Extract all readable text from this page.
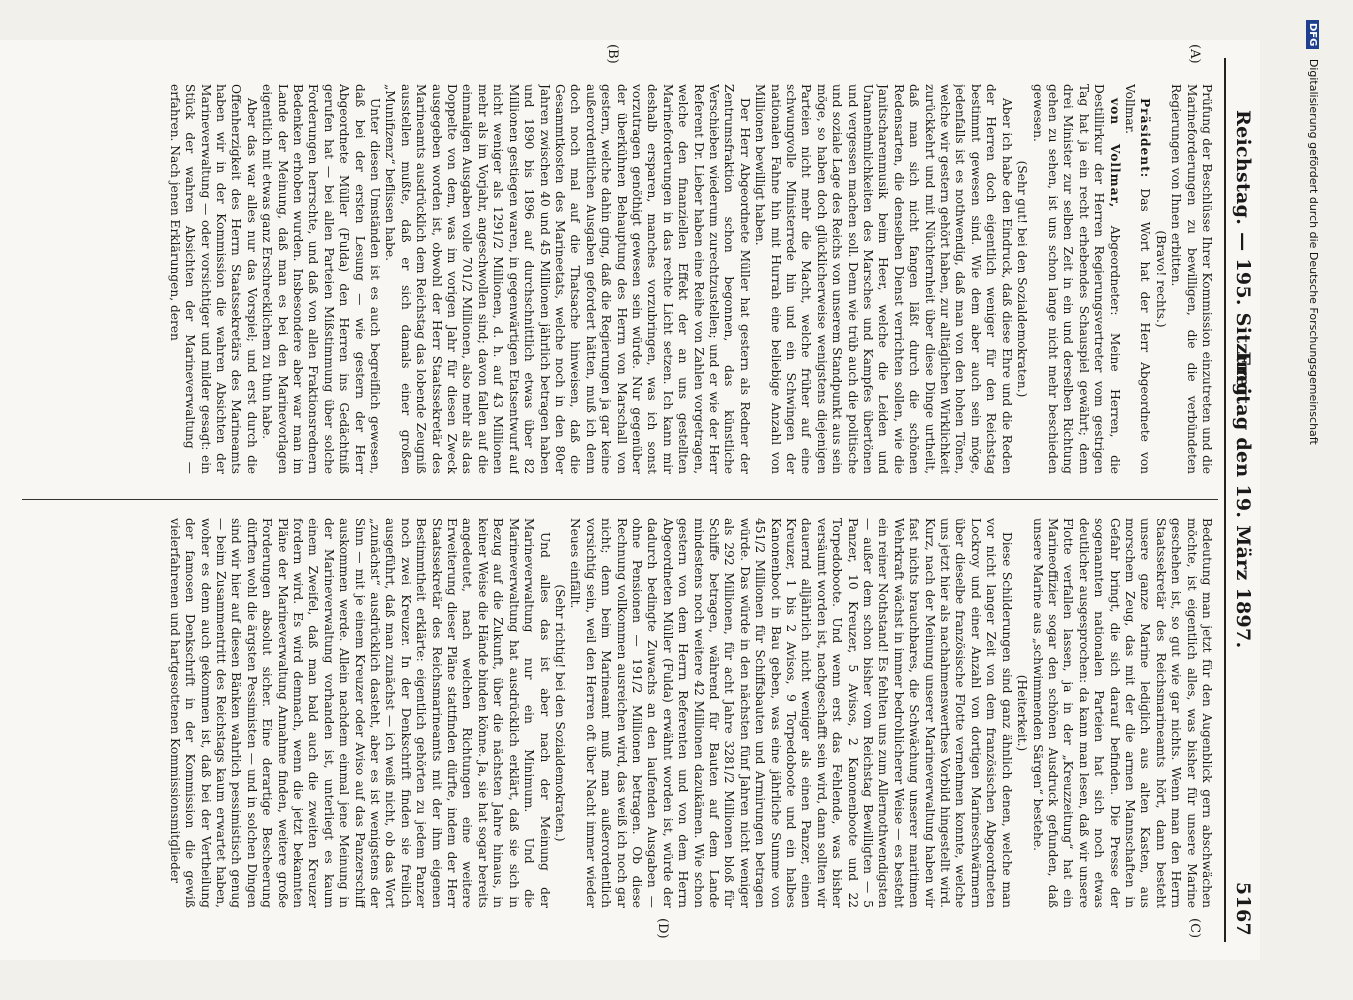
Reichstag. — 195. Sitzung.
Freitag den 19. März 1897.
5167
(A)
(B)
(C)
(D)

Prüfung der Beschlüsse Ihrer Kommission einzutreten und die Marineforderungen zu bewilligen, die die verbündeten Regierungen von Ihnen erbitten.

(Bravo! rechts.)

Präsident: Das Wort hat der Herr Abgeordnete von Vollmar.

von Vollmar, Abgeordneter: Meine Herren, die Destillirkur der Herren Regierungsvertreter vom gestrigen Tag hat ja ein recht erhebendes Schauspiel gewährt; denn drei Minister zur selben Zeit in ein und derselben Richtung gehen zu sehen, ist uns schon lange nicht mehr beschieden gewesen.

(Sehr gut! bei den Sozialdemokraten.)

Aber ich habe den Eindruck, daß diese Ehre und die Reden der Herren doch eigentlich weniger für den Reichstag bestimmt gewesen sind. Wie dem aber auch sein möge, jedenfalls ist es nothwendig, daß man von den hohen Tönen, welche wir gestern gehört haben, zur alltäglichen Wirklichkeit zurückkehrt und mit Nüchternheit über diese Dinge urtheilt, daß man sich nicht fangen läßt durch die schönen Redensarten, die denselben Dienst verrichten sollen, wie die Janitscharenmusik beim Heer, welche die Leiden und Unannehmlichkeiten des Marsches und Kampfes übertönen und vergessen machen soll. Denn wie trüb auch die politische und soziale Lage des Reichs von unserem Standpunkt aus sein möge, so haben doch glücklicherweise wenigstens diejenigen Parteien nicht mehr die Macht, welche früher auf eine schwungvolle Ministerrede hin und ein Schwingen der nationalen Fahne hin mit Hurrah eine beliebige Anzahl von Millionen bewilligt haben.

Der Herr Abgeordnete Müller hat gestern als Redner der Zentrumsfraktion schon begonnen, das künstliche Verschieben wiederum zurechtzustellen; und er wie der Herr Referent Dr. Lieber haben eine Reihe von Zahlen vorgetragen, welche den finanziellen Effekt der an uns gestellten Marineforderungen in das rechte Licht setzen. Ich kann mir deshalb ersparen, manches vorzubringen, was ich sonst vorzutragen genöthigt gewesen sein würde. Nur gegenüber der überkühnen Behauptung des Herrn von Marschall von gestern, welche dahin ging, daß die Regierungen ja gar keine außerordentlichen Ausgaben gefordert hätten, muß ich denn doch noch mal auf die Thatsache hinweisen, daß die Gesammtkosten des Marineetats, welche noch in den 80er Jahren zwischen 40 und 45 Millionen jährlich betragen haben und 1890 bis 1896 auf durchschnittlich etwas über 82 Millionen gestiegen waren, in gegenwärtigen Etatsentwurf auf nicht weniger als 1291/2 Millionen, d. h. auf 43 Millionen mehr als im Vorjahr, angeschwollen sind; davon fallen auf die einmaligen Ausgaben volle 701/2 Millionen, also mehr als das Doppelte von dem, was im vorigen Jahr für diesen Zweck ausgegeben worden ist, obwohl der Herr Staatssekretär des Marineamts ausdrücklich dem Reichstag das lobende Zeugniß ausstellen mußte, daß er sich damals einer großen „Munifizenz“ beflissen habe.

Unter diesen Umständen ist es auch begreiflich gewesen, daß bei der ersten Lesung — wie gestern der Herr Abgeordnete Müller (Fulda) den Herren ins Gedächtniß gerufen hat — bei allen Parteien Mißstimmung über solche Forderungen herrschte, und daß von allen Fraktionsrednern Bedenken erhoben wurden. Insbesondere aber war man im Lande der Meinung, daß man es bei den Marinevorlagen eigentlich mit etwas ganz Erschrecklichem zu thun habe.

Aber das war alles nur das Vorspiel; und erst durch die Offenherzigkeit des Herrn Staatssekretärs des Marineamts haben wir in der Kommission die wahren Absichten der Marineverwaltung — oder vorsichtiger und milder gesagt: ein Stück der wahren Absichten der Marineverwaltung — erfahren. Nach jenen Erklärungen, deren

Bedeutung man jetzt für den Augenblick gern abschwächen möchte, ist eigentlich alles, was bisher für unsere Marine geschehen ist, so gut wie gar nichts. Wenn man den Herrn Staatssekretär des Reichsmarineamts hört, dann besteht unsere ganze Marine lediglich aus alten Kasten, aus morschem Zeug, das mit der die armen Mannschaften in Gefahr bringt, die sich darauf befinden. Die Presse der sogenannten nationalen Parteien hat sich noch etwas deutlicher ausgesprochen: da kann man lesen, daß wir unsere Flotte verfallen lassen, ja in der „Kreuzzeitung“ hat ein Marineoffizier sogar den schönen Ausdruck gefunden, daß unsere Marine aus „schwimmenden Särgen“ bestehe.

(Heiterkeit.)

Diese Schilderungen sind ganz ähnlich denen, welche man vor nicht langer Zeit von dem französischen Abgeordneten Lockroy und einer Anzahl von dortigen Marineschwärmern über dieselbe französische Flotte vernehmen konnte, welche uns jetzt hier als nachahmenswerthes Vorbild hingestellt wird. Kurz, nach der Meinung unserer Marineverwaltung haben wir fast nichts brauchbares, die Schwächung unserer maritimen Wehrkraft wächst in immer bedrohlicherer Weise — es besteht ein reiner Nothstand! Es fehlten uns zum Allernothwendigsten — außer dem schon bisher vom Reichstag Bewilligten — 5 Panzer, 10 Kreuzer, 5 Avisos, 2 Kanonenboote und 22 Torpedoboote. Und wenn erst das Fehlende, was bisher versäumt worden ist, nachgeschafft sein wird, dann sollten wir dauernd alljährlich nicht weniger als einen Panzer, einen Kreuzer, 1 bis 2 Avisos, 9 Torpedoboote und ein halbes Kanonenboot in Bau geben, was eine jährliche Summe von 451/2 Millionen für Schiffsbauten und Armirungen betragen würde. Das würde in den nächsten fünf Jahren nicht weniger als 292 Millionen, für acht Jahre 3281/2 Millionen bloß für Schiffe betragen, während für Bauten auf dem Lande mindestens noch weitere 42 Millionen dazukämen. Wie schon gestern von dem Herrn Referenten und von dem Herrn Abgeordneten Müller (Fulda) erwähnt worden ist, würde der dadurch bedingte Zuwachs an den laufenden Ausgaben — ohne Pensionen — 191/2 Millionen betragen. Ob diese Rechnung vollkommen ausreichen wird, das weiß ich noch gar nicht; denn beim Marineamt muß man außerordentlich vorsichtig sein, weil den Herren oft über Nacht immer wieder Neues einfällt.

(Sehr richtig! bei den Sozialdemokraten.)

Und alles das ist aber nach der Meinung der Marineverwaltung nur ein Minimum. Und die Marineverwaltung hat ausdrücklich erklärt, daß sie sich in Bezug auf die Zukunft, über die nächsten Jahre hinaus, in keiner Weise die Hände binden könne. Ja, sie hat sogar bereits angedeutet, nach welchen Richtungen eine weitere Erweiterung dieser Pläne stattfinden dürfte, indem der Herr Staatssekretär des Reichsmarineamts mit der ihm eigenen Bestimmtheit erklärte: eigentlich gehörten zu jedem Panzer noch zwei Kreuzer. In der Denkschrift finden sie freilich ausgeführt, daß man zunächst — ich weiß nicht, ob das Wort „zunächst“ ausdrücklich dasteht, aber es ist wenigstens der Sinn — mit je einem Kreuzer oder Aviso auf das Panzerschiff auskommen werde. Allein nachdem einmal jene Meinung in der Marineverwaltung vorhanden ist, unterliegt es kaum einem Zweifel, daß man bald auch die zweiten Kreuzer fordern wird. Es wird demnach, wenn die jetzt bekannten Pläne der Marineverwaltung Annahme finden, weitere große Forderungen absolut sicher. Eine derartige Bescheerung dürften wohl die ärgsten Pessimisten — und in solchen Dingen sind wir hier auf diesen Bänken wahrlich pessimistisch genug — beim Zusammentritt des Reichstags kaum erwartet haben, woher es denn auch gekommen ist, daß bei der Vertheilung der famosen Denkschrift in der Kommission die gewiß vielerfahrenen und hartgesottenen Kommissionsmitglieder

DFG Digitalisierung gefördert durch die Deutsche Forschungsgemeinschaft
